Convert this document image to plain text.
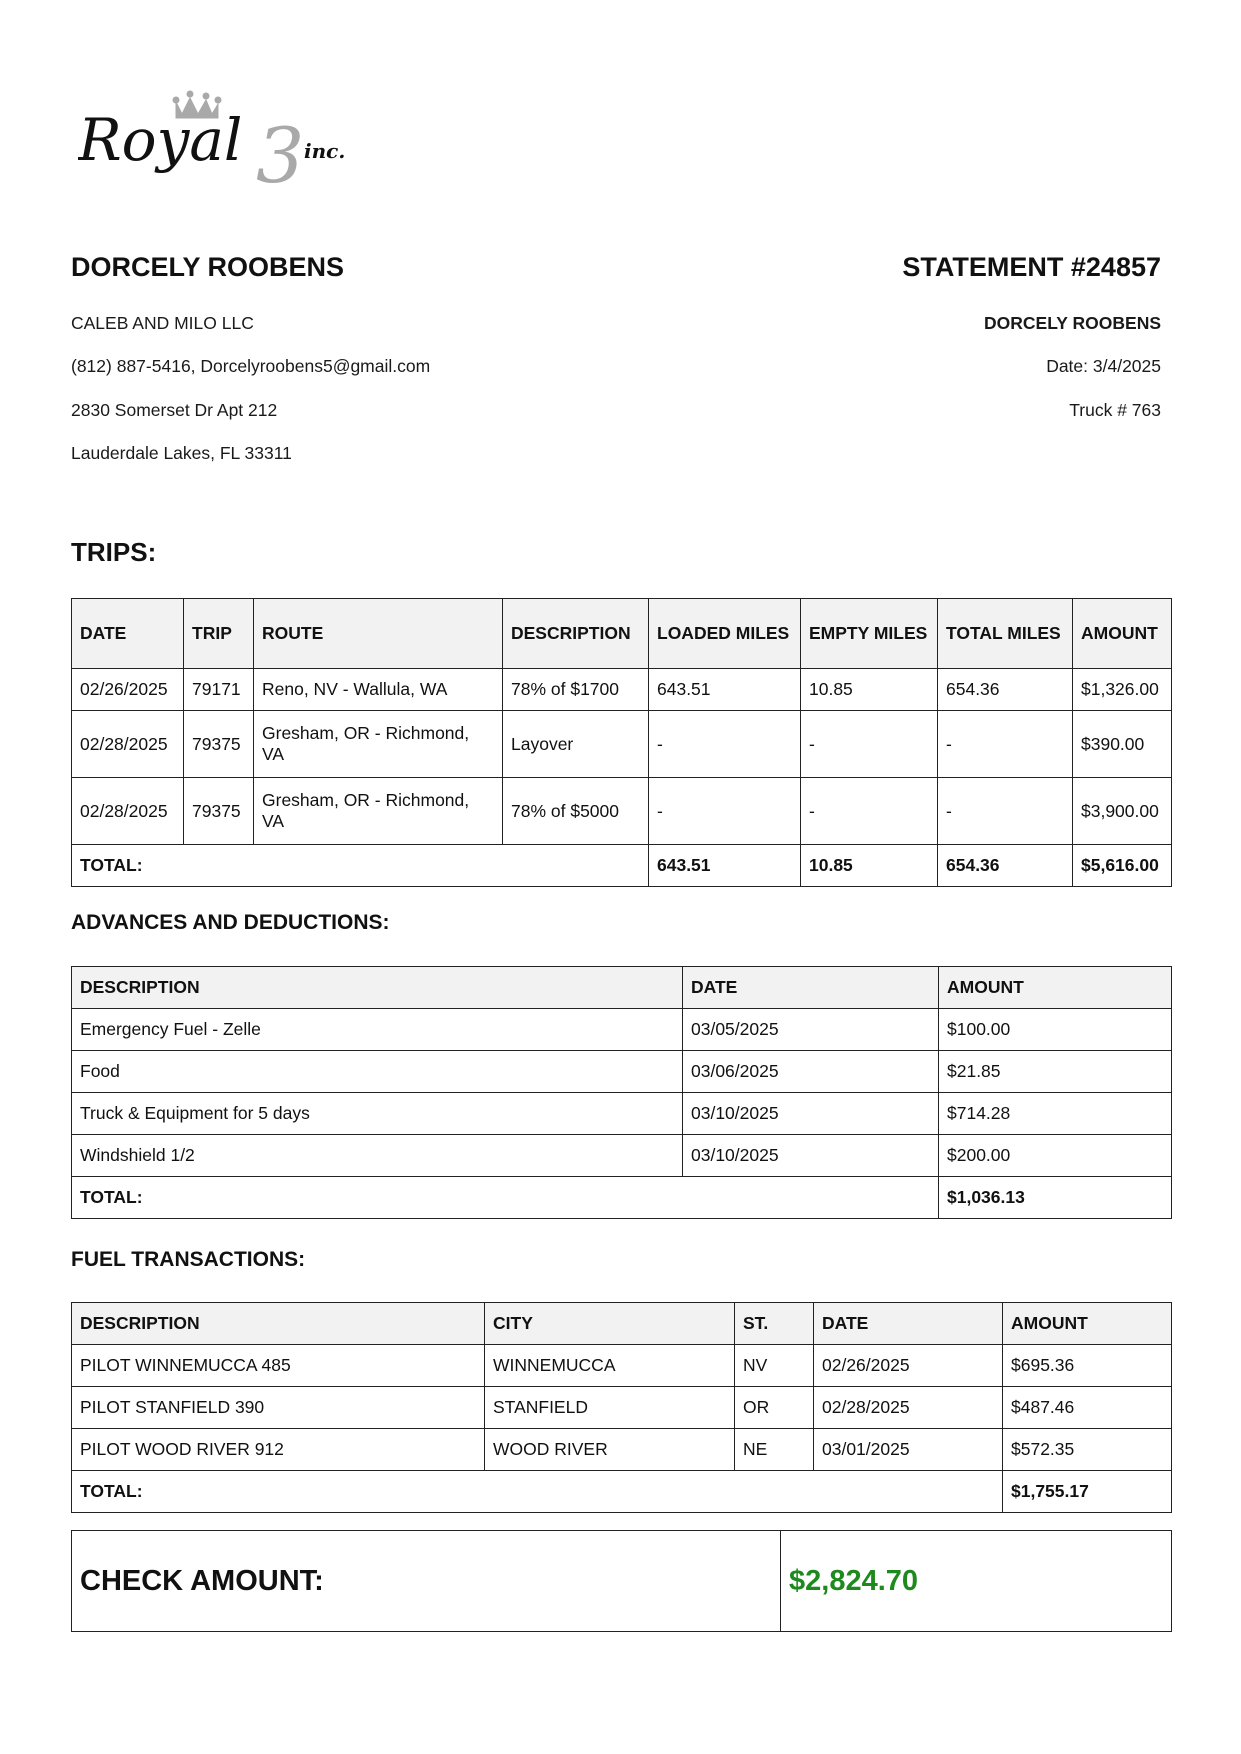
Royal 3 inc.
DORCELY ROOBENS	STATEMENT #24857
CALEB AND MILO LLC
(812) 887-5416, Dorcelyroobens5@gmail.com
2830 Somerset Dr Apt 212
Lauderdale Lakes, FL 33311
DORCELY ROOBENS
Date: 3/4/2025
Truck # 763
TRIPS:
DATE	TRIP	ROUTE	DESCRIPTION	LOADED MILES	EMPTY MILES	TOTAL MILES	AMOUNT
02/26/2025	79171	Reno, NV - Wallula, WA	78% of $1700	643.51	10.85	654.36	$1,326.00
02/28/2025	79375	Gresham, OR - Richmond, VA	Layover	-	-	-	$390.00
02/28/2025	79375	Gresham, OR - Richmond, VA	78% of $5000	-	-	-	$3,900.00
TOTAL:				643.51	10.85	654.36	$5,616.00
ADVANCES AND DEDUCTIONS:
DESCRIPTION	DATE	AMOUNT
Emergency Fuel - Zelle	03/05/2025	$100.00
Food	03/06/2025	$21.85
Truck & Equipment for 5 days	03/10/2025	$714.28
Windshield 1/2	03/10/2025	$200.00
TOTAL:		$1,036.13
FUEL TRANSACTIONS:
DESCRIPTION	CITY	ST.	DATE	AMOUNT
PILOT WINNEMUCCA 485	WINNEMUCCA	NV	02/26/2025	$695.36
PILOT STANFIELD 390	STANFIELD	OR	02/28/2025	$487.46
PILOT WOOD RIVER 912	WOOD RIVER	NE	03/01/2025	$572.35
TOTAL:				$1,755.17
CHECK AMOUNT:	$2,824.70
